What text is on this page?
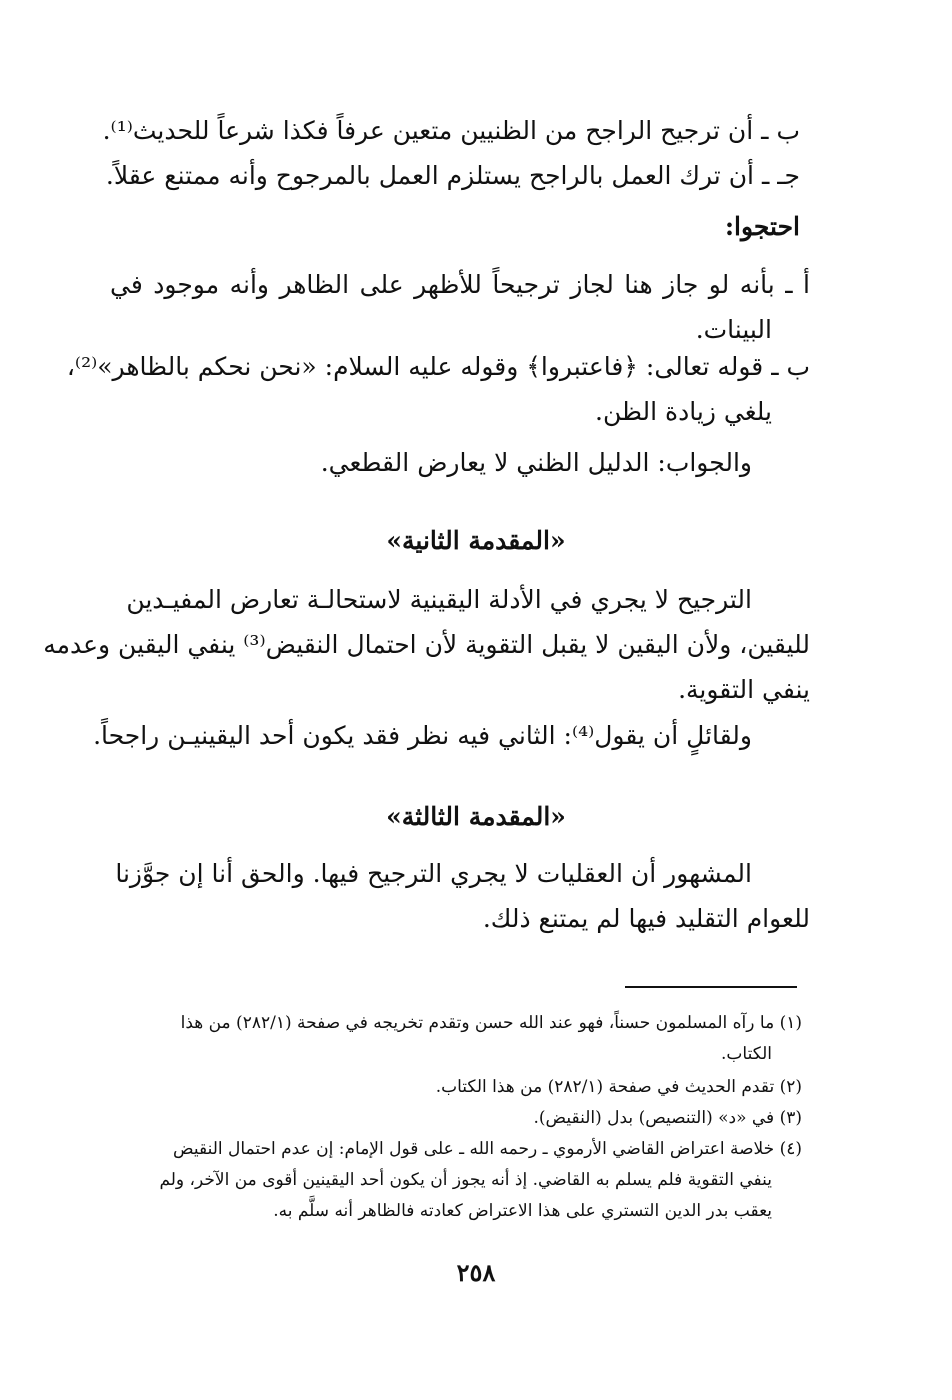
ب ـ أن ترجيح الراجح من الظنيين متعين عرفاً فكذا شرعاً للحديث⁽¹⁾.
جـ ـ أن ترك العمل بالراجح يستلزم العمل بالمرجوح وأنه ممتنع عقلاً.

احتجوا:

أ ـ بأنه لو جاز هنا لجاز ترجيحاً للأظهر على الظاهر وأنه موجود في
البينات.

ب ـ قوله تعالى: ﴿فاعتبروا﴾ وقوله عليه السلام: «نحن نحكم بالظاهر»⁽²⁾،
يلغي زيادة الظن.

والجواب: الدليل الظني لا يعارض القطعي.

«المقدمة الثانية»

الترجيح لا يجري في الأدلة اليقينية لاستحالـة تعارض المفيـدين
لليقين، ولأن اليقين لا يقبل التقوية لأن احتمال النقيض⁽³⁾ ينفي اليقين وعدمه
ينفي التقوية.

ولقائلٍ أن يقول⁽⁴⁾: الثاني فيه نظر فقد يكون أحد اليقينيـن راجحاً.

«المقدمة الثالثة»

المشهور أن العقليات لا يجري الترجيح فيها. والحق أنا إن جوَّزنا
للعوام التقليد فيها لم يمتنع ذلك.

(١) ما رآه المسلمون حسناً، فهو عند الله حسن وتقدم تخريجه في صفحة (٢٨٢/١) من هذا
الكتاب.

(٢) تقدم الحديث في صفحة (٢٨٢/١) من هذا الكتاب.

(٣) في «د» (التنصيص) بدل (النقيض).

(٤) خلاصة اعتراض القاضي الأرموي ـ رحمه الله ـ على قول الإمام: إن عدم احتمال النقيض
ينفي التقوية فلم يسلم به القاضي. إذ أنه يجوز أن يكون أحد اليقينين أقوى من الآخر، ولم
يعقب بدر الدين التستري على هذا الاعتراض كعادته فالظاهر أنه سلَّم به.

٢٥٨
